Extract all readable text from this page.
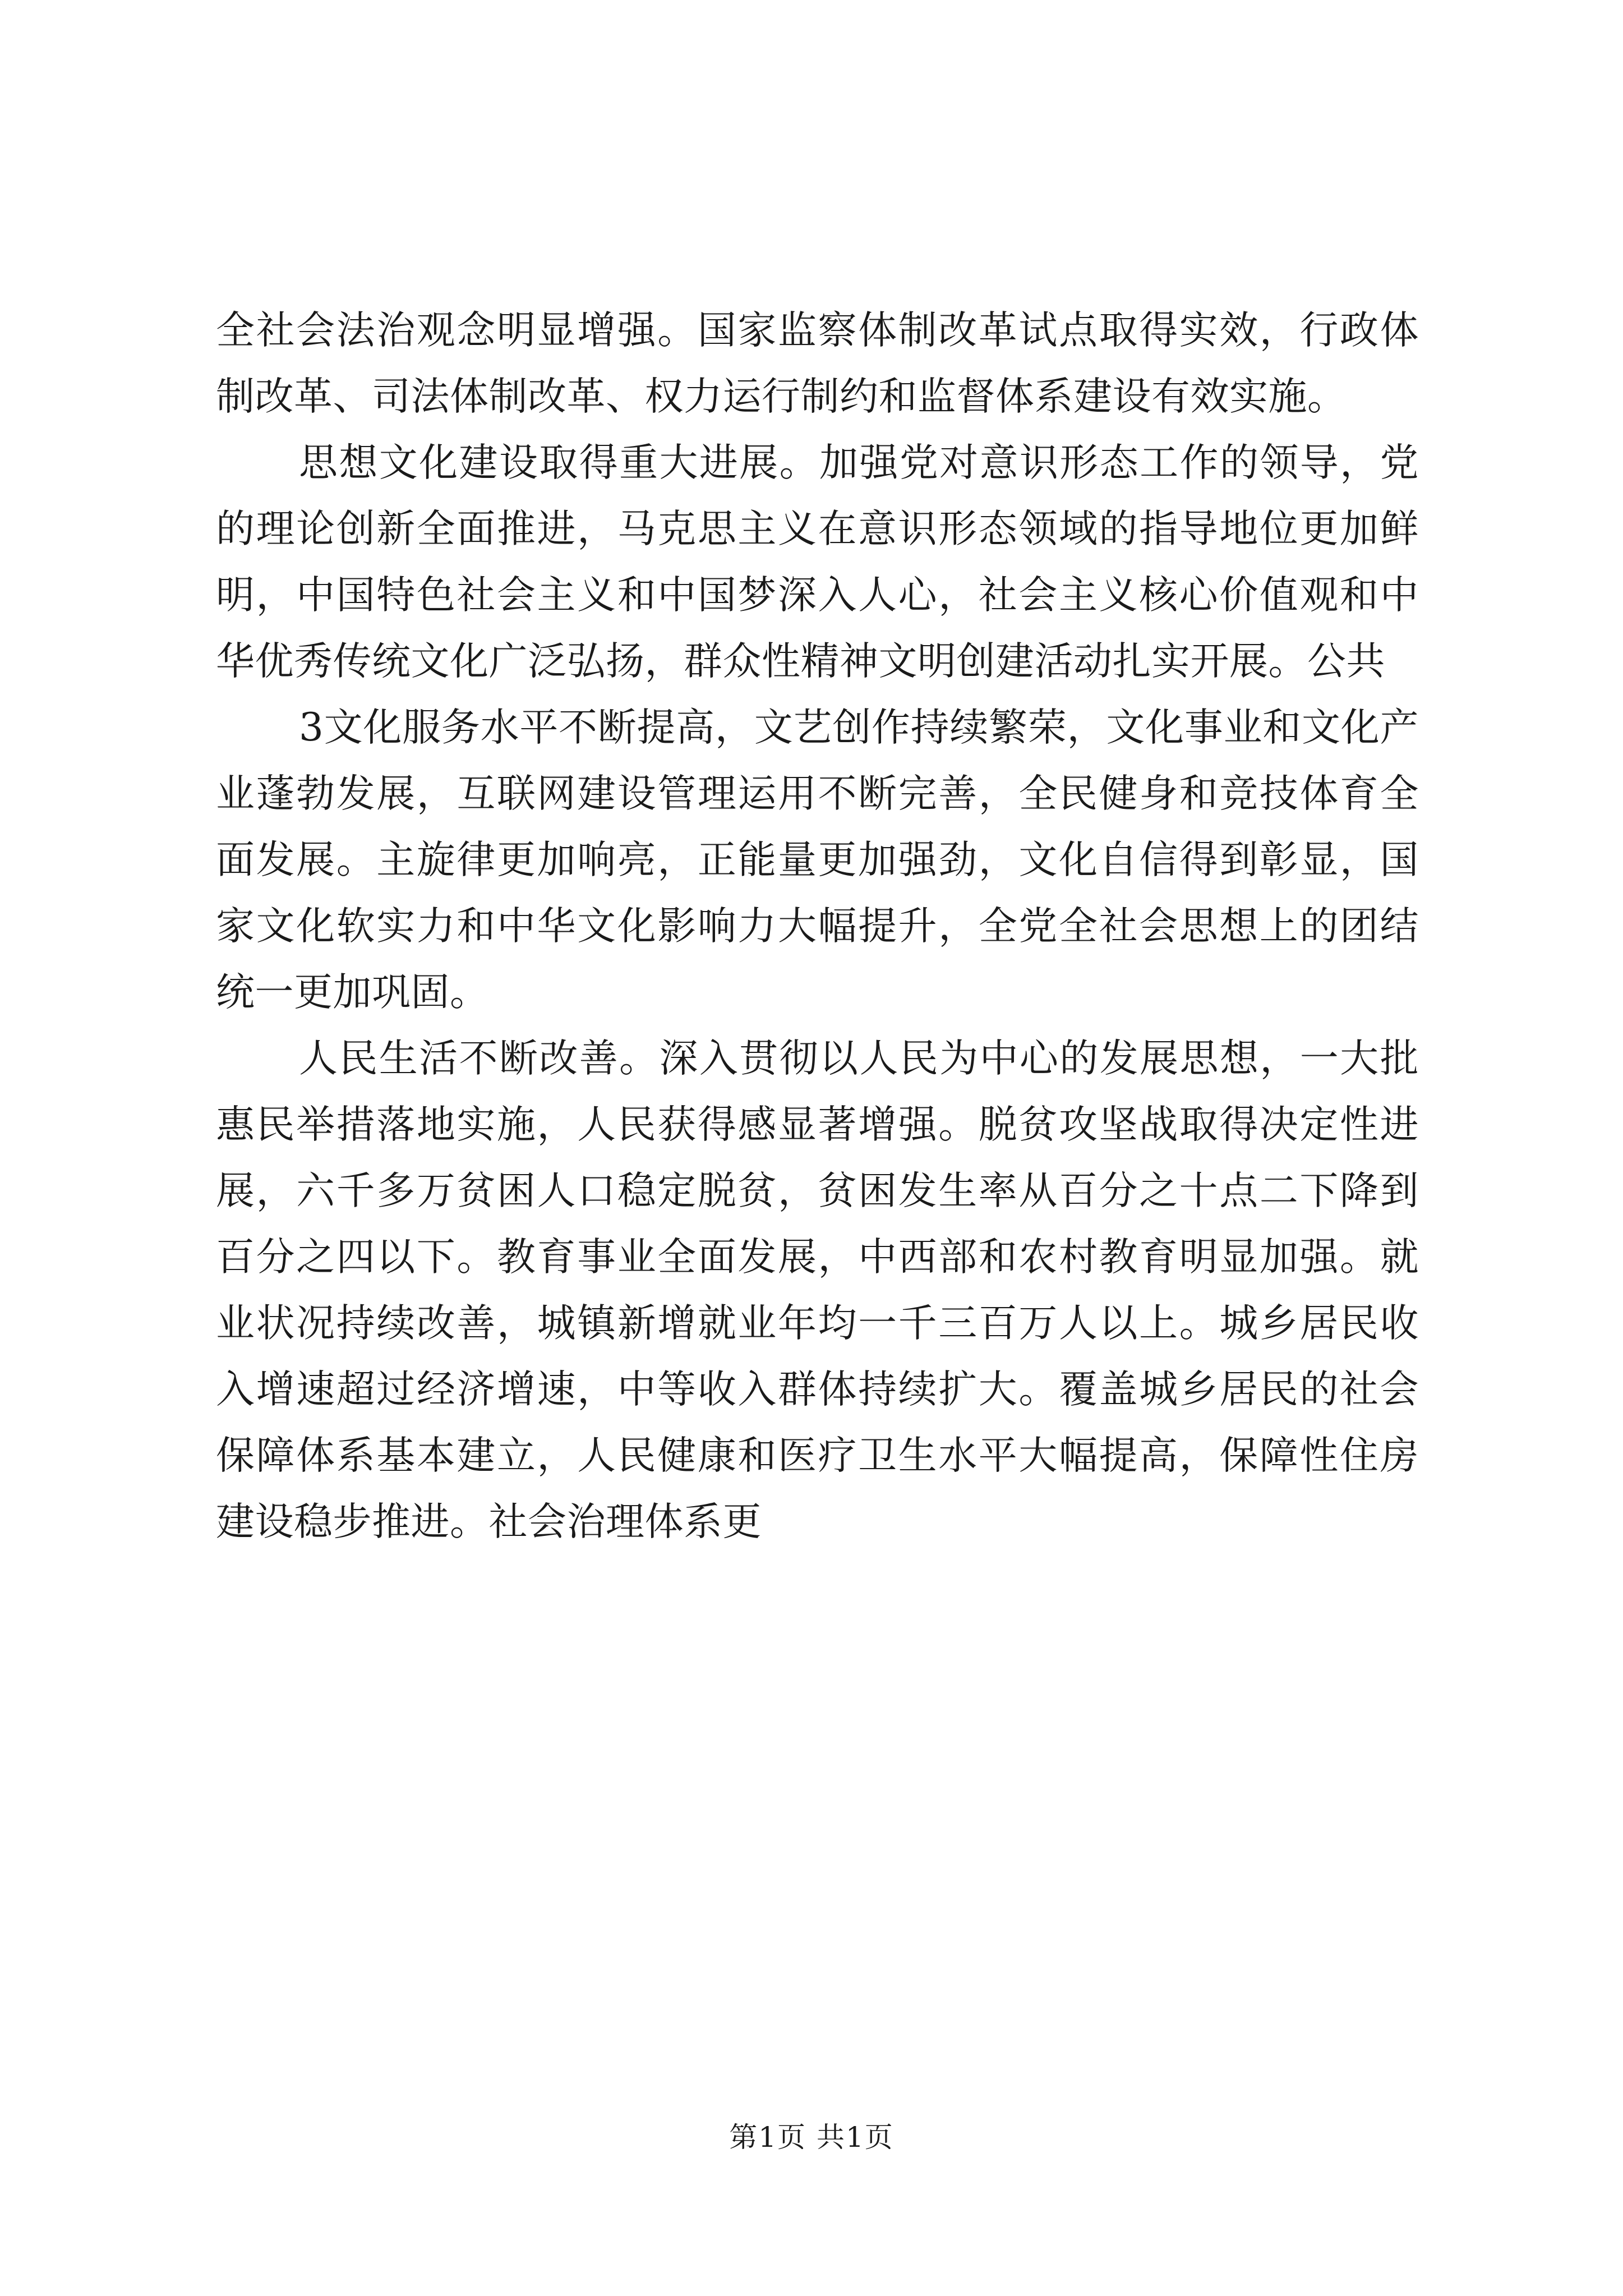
全社会法治观念明显增强。国家监察体制改革试点取得实效，行政体制改革、司法体制改革、权力运行制约和监督体系建设有效实施。

思想文化建设取得重大进展。加强党对意识形态工作的领导，党的理论创新全面推进，马克思主义在意识形态领域的指导地位更加鲜明，中国特色社会主义和中国梦深入人心，社会主义核心价值观和中华优秀传统文化广泛弘扬，群众性精神文明创建活动扎实开展。公共

3文化服务水平不断提高，文艺创作持续繁荣，文化事业和文化产业蓬勃发展，互联网建设管理运用不断完善，全民健身和竞技体育全面发展。主旋律更加响亮，正能量更加强劲，文化自信得到彰显，国家文化软实力和中华文化影响力大幅提升，全党全社会思想上的团结统一更加巩固。

人民生活不断改善。深入贯彻以人民为中心的发展思想，一大批惠民举措落地实施，人民获得感显著增强。脱贫攻坚战取得决定性进展，六千多万贫困人口稳定脱贫，贫困发生率从百分之十点二下降到百分之四以下。教育事业全面发展，中西部和农村教育明显加强。就业状况持续改善，城镇新增就业年均一千三百万人以上。城乡居民收入增速超过经济增速，中等收入群体持续扩大。覆盖城乡居民的社会保障体系基本建立，人民健康和医疗卫生水平大幅提高，保障性住房建设稳步推进。社会治理体系更

第1页 共1页
